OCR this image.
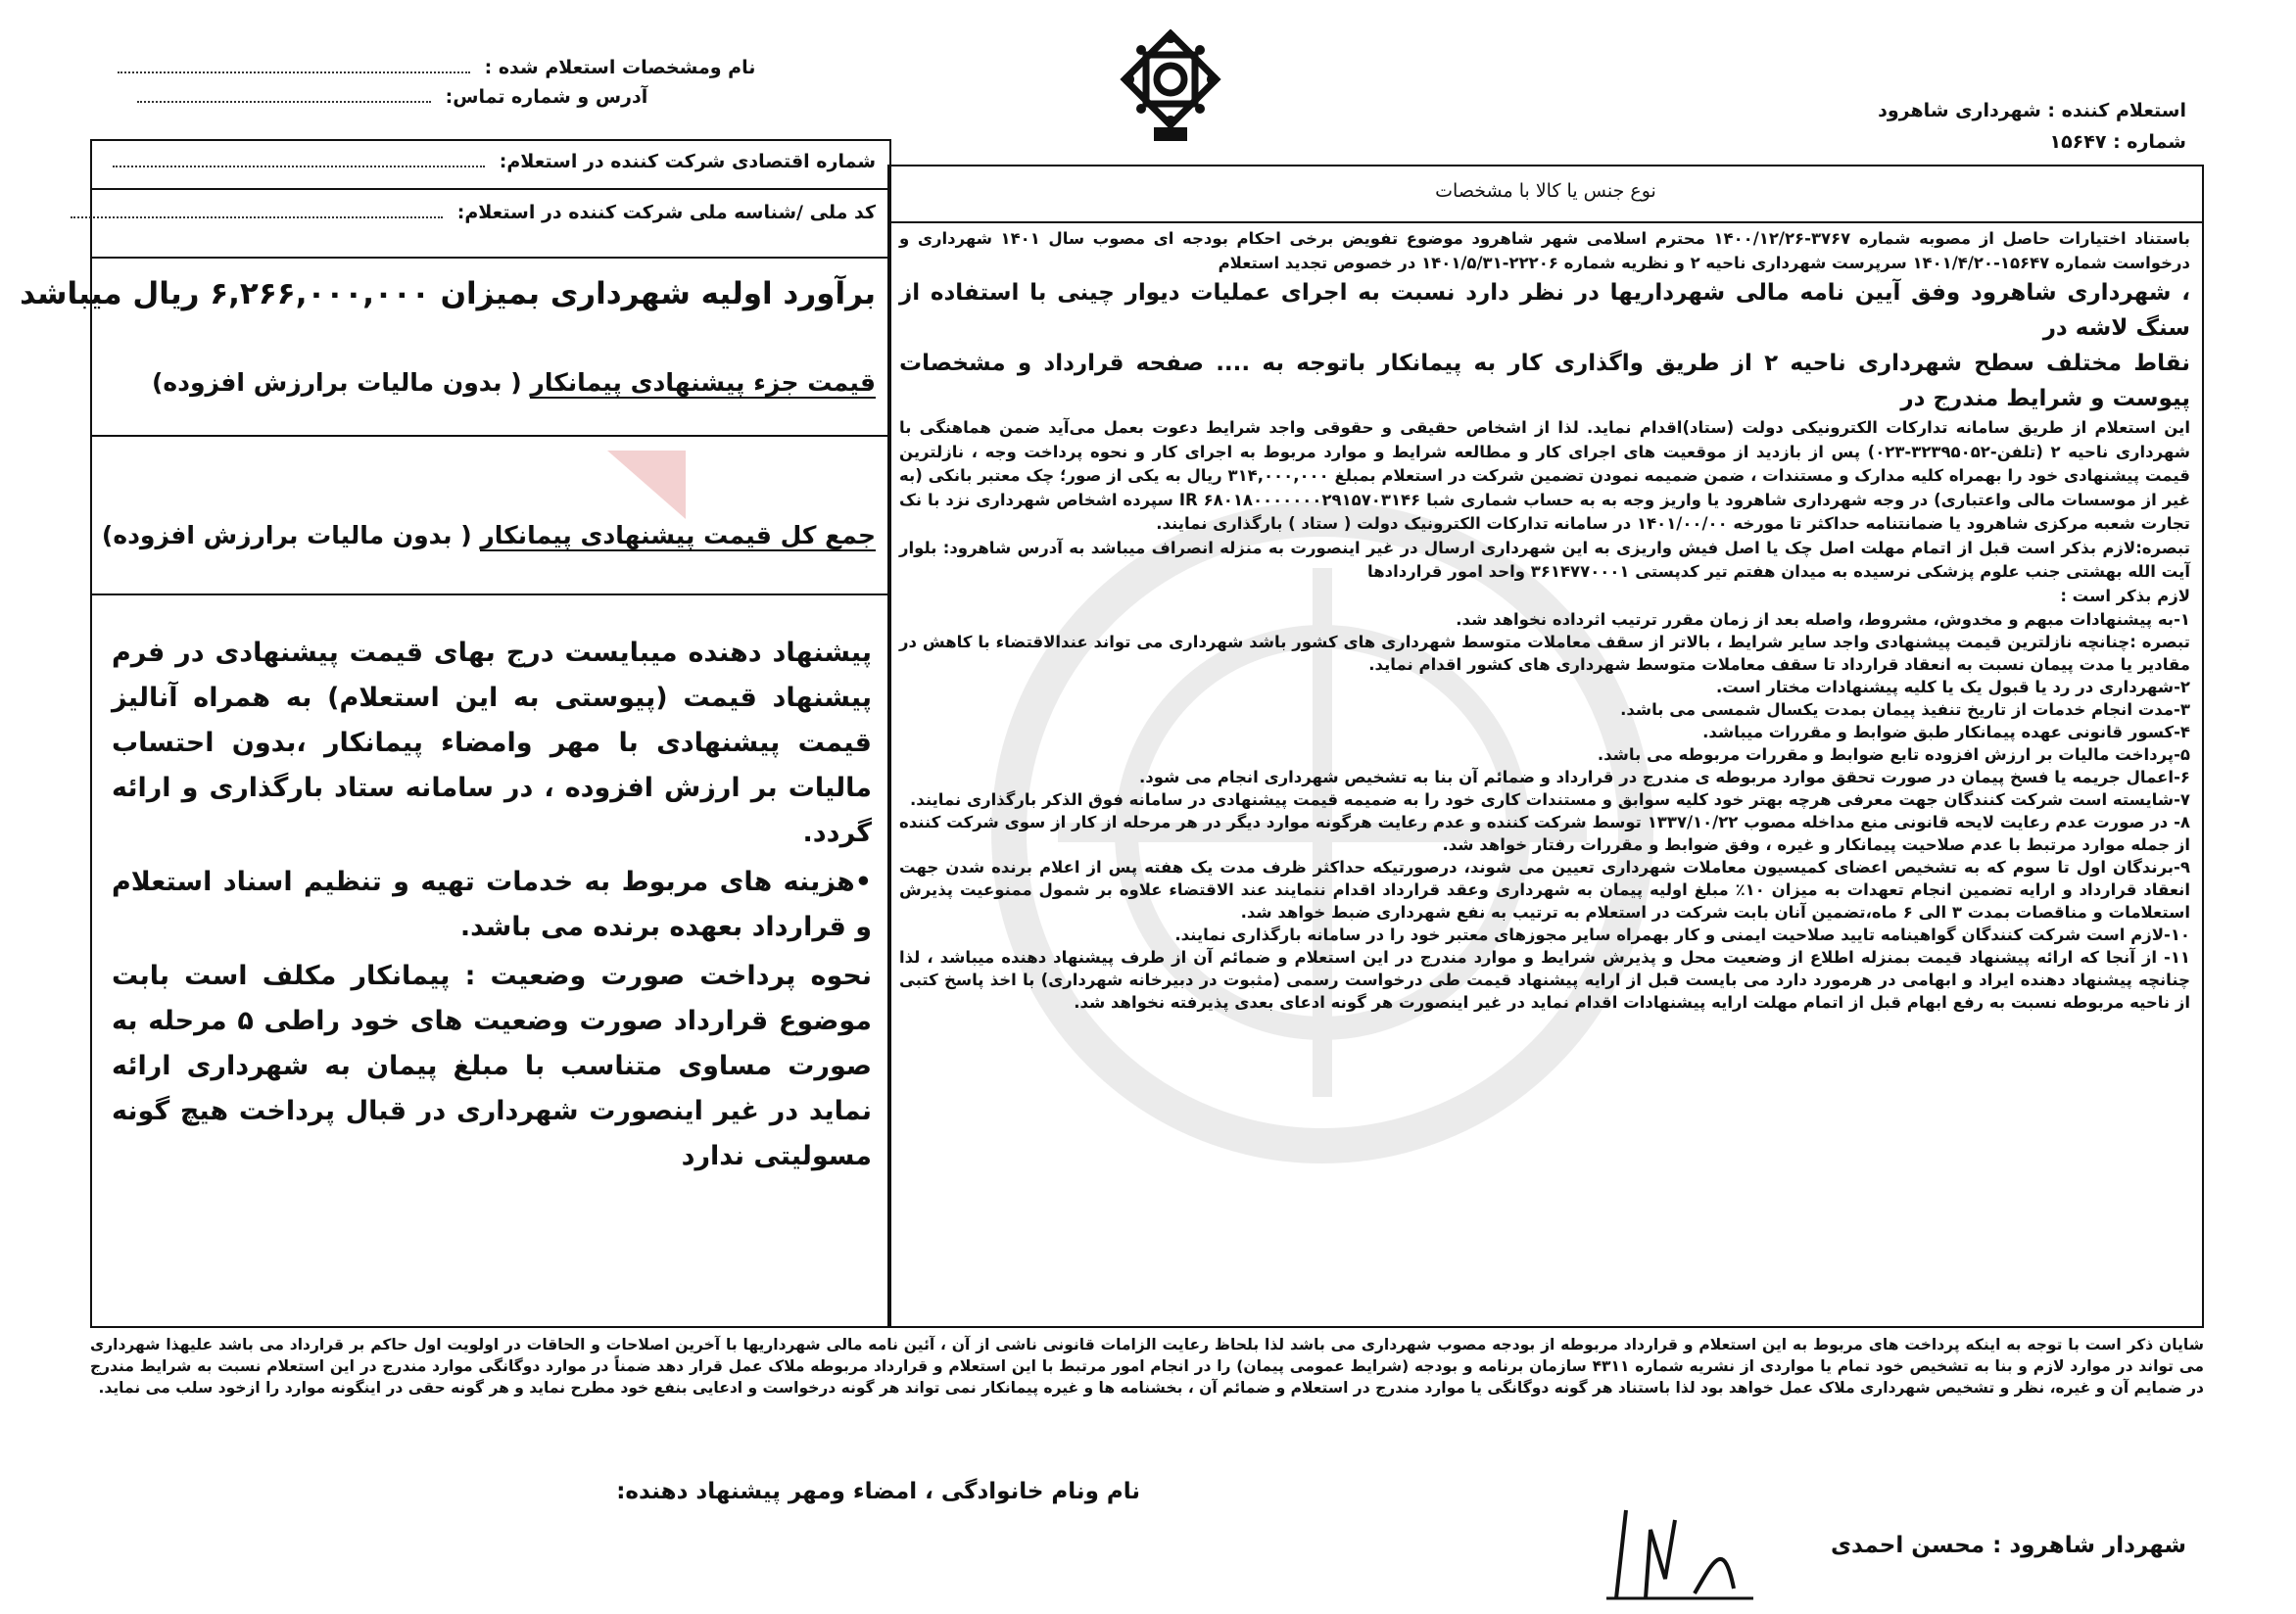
نام ومشخصات استعلام شده :
آدرس و شماره تماس:
استعلام کننده : شهرداری شاهرود
شماره : ۱۵۶۴۷
شماره اقتصادی شرکت کننده در استعلام:
کد ملی /شناسه ملی شرکت کننده در استعلام:
برآورد اولیه شهرداری بمیزان ۶,۲۶۶,۰۰۰,۰۰۰ ریال میباشد
قیمت جزء پیشنهادی پیمانکار ( بدون مالیات برارزش افزوده)
جمع کل قیمت پیشنهادی پیمانکار ( بدون مالیات برارزش افزوده)

پیشنهاد دهنده میبایست درج بهای قیمت پیشنهادی در فرم پیشنهاد قیمت (پیوستی به این استعلام) به همراه آنالیز قیمت پیشنهادی با مهر وامضاء پیمانکار ،بدون احتساب مالیات بر ارزش افزوده ، در سامانه ستاد بارگذاری و ارائه گردد.

•هزینه های مربوط به خدمات تهیه و تنظیم اسناد استعلام و قرارداد بعهده برنده می باشد.

نحوه پرداخت صورت وضعیت : پیمانکار مکلف است بابت موضوع قرارداد صورت وضعیت های خود راطی ۵ مرحله به صورت مساوی متناسب با مبلغ پیمان به شهرداری ارائه نماید در غیر اینصورت شهرداری در قبال پرداخت هیچ گونه مسولیتی ندارد

نوع جنس یا کالا با مشخصات

باستناد اختیارات حاصل از مصوبه شماره ۳۷۶۷-۱۴۰۰/۱۲/۲۶ محترم اسلامی شهر شاهرود موضوع تفویض برخی احکام بودجه ای مصوب سال ۱۴۰۱ شهرداری و درخواست شماره ۱۵۶۴۷-۱۴۰۱/۴/۲۰ سرپرست شهرداری ناحیه ۲ و نظریه شماره ۲۲۲۰۶-۱۴۰۱/۵/۳۱ در خصوص تجدید استعلام

، شهرداری شاهرود وفق آیین نامه مالی شهرداریها در نظر دارد نسبت به اجرای عملیات دیوار چینی با استفاده از سنگ لاشه در

نقاط مختلف سطح شهرداری ناحیه ۲ از طریق واگذاری کار به پیمانکار باتوجه به .... صفحه قرارداد و مشخصات پیوست و شرایط مندرج در

این استعلام از طریق سامانه تدارکات الکترونیکی دولت (ستاد)اقدام نماید. لذا از اشخاص حقیقی و حقوقی واجد شرایط دعوت بعمل می‌آید ضمن هماهنگی با شهرداری ناحیه ۲ (تلفن-۳۲۳۹۵۰۵۲-۰۲۳) پس از بازدید از موقعیت های اجرای کار و مطالعه شرایط و موارد مربوط به اجرای کار و نحوه پرداخت وجه ، نازلترین قیمت پیشنهادی خود را بهمراه کلیه مدارک و مستندات ، ضمن ضمیمه نمودن تضمین شرکت در استعلام بمبلغ ۳۱۴,۰۰۰,۰۰۰ ریال به یکی از صور؛ چک معتبر بانکی (به غیر از موسسات مالی واعتباری) در وجه شهرداری شاهرود یا واریز وجه به به حساب شماری شبا IR ۶۸۰۱۸۰۰۰۰۰۰۰۲۹۱۵۷۰۳۱۴۶ سپرده اشخاص شهرداری نزد با نک تجارت شعبه مرکزی شاهرود یا ضمانتنامه حداکثر تا مورخه ۱۴۰۱/۰۰/۰۰ در سامانه تدارکات الکترونیک دولت ( ستاد ) بارگذاری نمایند.

تبصره:لازم بذکر است قبل از اتمام مهلت اصل چک یا اصل فیش واریزی به این شهرداری ارسال در غیر اینصورت به منزله انصراف میباشد به آدرس شاهرود: بلوار آیت الله بهشتی جنب علوم پزشکی نرسیده به میدان هفتم تیر کدپستی ۳۶۱۴۷۷۰۰۰۱ واحد امور قراردادها

لازم بذکر است :

۱-به پیشنهادات مبهم و مخدوش، مشروط، واصله بعد از زمان مقرر ترتیب اثرداده نخواهد شد.

تبصره :چنانچه نازلترین قیمت پیشنهادی واجد سایر شرایط ، بالاتر از سقف معاملات متوسط شهرداری های کشور باشد شهرداری می تواند عندالاقتضاء با کاهش در مقادیر یا مدت پیمان نسبت به انعقاد قرارداد تا سقف معاملات متوسط شهرداری های کشور اقدام نماید.

۲-شهرداری در رد یا قبول یک یا کلیه پیشنهادات مختار است.

۳-مدت انجام خدمات از تاریخ تنفیذ پیمان بمدت یکسال شمسی می باشد.

۴-کسور قانونی عهده پیمانکار طبق ضوابط و مقررات میباشد.

۵-پرداخت مالیات بر ارزش افزوده تابع ضوابط و مقررات مربوطه می باشد.

۶-اعمال جریمه یا فسخ پیمان در صورت تحقق موارد مربوطه ی مندرج در قرارداد و ضمائم آن بنا به تشخیص شهرداری انجام می شود.

۷-شایسته است شرکت کنندگان جهت معرفی هرچه بهتر خود کلیه سوابق و مستندات کاری خود را به ضمیمه قیمت پیشنهادی در سامانه فوق الذکر بارگذاری نمایند.

۸- در صورت عدم رعایت لایحه قانونی منع مداخله مصوب ۱۳۳۷/۱۰/۲۲ توسط شرکت کننده و عدم رعایت هرگونه موارد دیگر در هر مرحله از کار از سوی شرکت کننده از جمله موارد مرتبط با عدم صلاحیت پیمانکار و غیره ، وفق ضوابط و مقررات رفتار خواهد شد.

۹-برندگان اول تا سوم که به تشخیص اعضای کمیسیون معاملات شهرداری تعیین می شوند، درصورتیکه حداکثر ظرف مدت یک هفته پس از اعلام برنده شدن جهت انعقاد قرارداد و ارایه تضمین انجام تعهدات به میزان ۱۰٪ مبلغ اولیه پیمان به شهرداری وعقد قرارداد اقدام ننمایند عند الاقتضاء علاوه بر شمول ممنوعیت پذیرش استعلامات و مناقصات بمدت ۳ الی ۶ ماه،تضمین آنان بابت شرکت در استعلام به ترتیب به نفع شهرداری ضبط خواهد شد.

۱۰-لازم است شرکت کنندگان گواهینامه تایید صلاحیت ایمنی و کار بهمراه سایر مجوزهای معتبر خود را در سامانه بارگذاری نمایند.

۱۱- از آنجا که ارائه پیشنهاد قیمت بمنزله اطلاع از وضعیت محل و پذیرش شرایط و موارد مندرج در این استعلام و ضمائم آن از طرف پیشنهاد دهنده میباشد ، لذا چنانچه پیشنهاد دهنده ایراد و ابهامی در هرمورد دارد می بایست قبل از ارایه پیشنهاد قیمت طی درخواست رسمی (مثبوت در دبیرخانه شهرداری) با اخذ پاسخ کتبی از ناحیه مربوطه نسبت به رفع ابهام قبل از اتمام مهلت ارایه پیشنهادات اقدام نماید در غیر اینصورت هر گونه ادعای بعدی پذیرفته نخواهد شد.

شایان ذکر است با توجه به اینکه پرداخت های مربوط به این استعلام و قرارداد مربوطه از بودجه مصوب شهرداری می باشد لذا بلحاظ رعایت الزامات قانونی ناشی از آن ، آئین نامه مالی شهرداریها با آخرین اصلاحات و الحاقات در اولویت اول حاکم بر قرارداد می باشد علیهذا شهرداری می تواند در موارد لازم و بنا به تشخیص خود تمام یا مواردی از نشریه شماره ۴۳۱۱ سازمان برنامه و بودجه (شرایط عمومی پیمان) را در انجام امور مرتبط با این استعلام و قرارداد مربوطه ملاک عمل قرار دهد ضمناً در موارد دوگانگی موارد مندرج در این استعلام نسبت به شرایط مندرج در ضمایم آن و غیره، نظر و تشخیص شهرداری ملاک عمل خواهد بود لذا باستناد هر گونه دوگانگی یا موارد مندرج در استعلام و ضمائم آن ، بخشنامه ها و غیره پیمانکار نمی تواند هر گونه درخواست و ادعایی بنفع خود مطرح نماید و هر گونه حقی در اینگونه موارد را ازخود سلب می نماید.
نام ونام خانوادگی ، امضاء ومهر پیشنهاد دهنده:
شهردار شاهرود : محسن احمدی
